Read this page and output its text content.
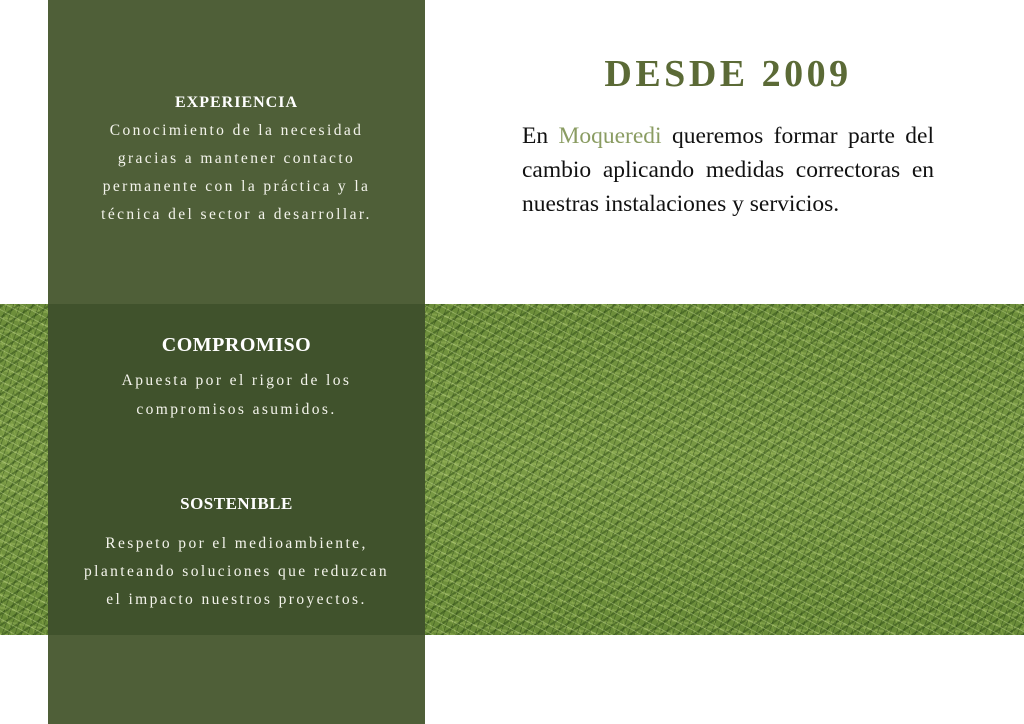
EXPERIENCIA

Conocimiento de la necesidad gracias a mantener contacto permanente con la práctica y la técnica del sector a desarrollar.

COMPROMISO

Apuesta por el rigor de los compromisos asumidos.

SOSTENIBLE

Respeto por el medioambiente, planteando soluciones que reduzcan el impacto nuestros proyectos.

DESDE 2009

En Moqueredi queremos formar parte del cambio aplicando medidas correctoras en nuestras instalaciones y servicios.
